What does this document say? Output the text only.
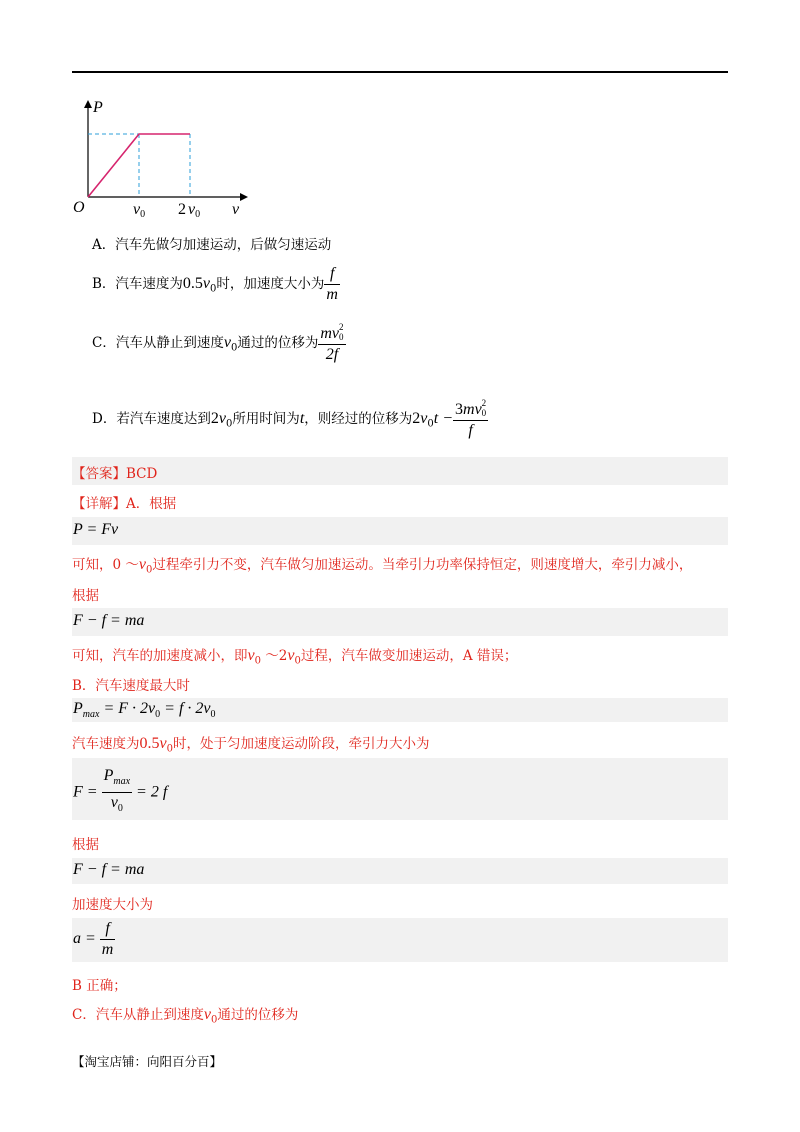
P
O	v
v0 2 v0
A．汽车先做匀加速运动，后做匀速运动
B．汽车速度为$0.5v_0$时，加速度大小为 $\frac{f}{m}$
C．汽车从静止到速度$v_0$通过的位移为 mv 2
0
2f
D．若汽车速度达到$2v_0$所用时间为t，则经过的位移为$2v_0t - 3mv$ 2
0
f
【答案】BCD
【详解】A．根据
P = Fv
可知，0 $\sim v_0$过程牵引力不变，汽车做匀加速运动。当牵引力功率保持恒定，则速度增大，牵引力减小，
根据
F − f = ma
可知，汽车的加速度减小，即$v_0$ $\sim 2v_0$过程，汽车做变加速运动，A 错误；
B．汽车速度最大时
$P_{max} = F \cdot 2v_0 = f \cdot 2v_0$
汽车速度为$0.5v_0$时，处于匀加速度运动阶段，牵引力大小为
$F = \frac{P_{max}}{v_0} = 2$ f
根据
F − f = ma
加速度大小为
$a = \frac{f}{m}$
B 正确；
C．汽车从静止到速度$v_0$通过的位移为
【淘宝店铺：向阳百分百】
